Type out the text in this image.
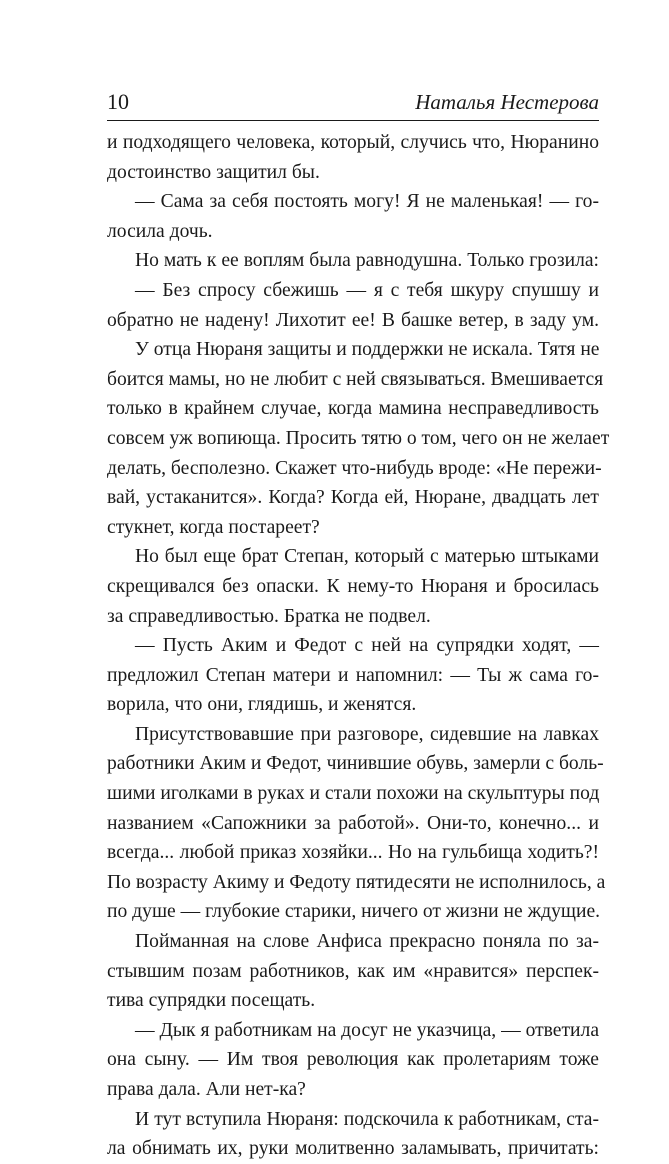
10	Наталья Нестерова
и подходящего человека, который, случись что, Нюранино
достоинство защитил бы.
— Сама за себя постоять могу! Я не маленькая! — го-
лосила дочь.
Но мать к ее воплям была равнодушна. Только грозила:
— Без спросу сбежишь — я с тебя шкуру спушшу и
обратно не надену! Лихотит ее! В башке ветер, в заду ум.
У отца Нюраня защиты и поддержки не искала. Тятя не
боится мамы, но не любит с ней связываться. Вмешивается
только в крайнем случае, когда мамина несправедливость
совсем уж вопиюща. Просить тятю о том, чего он не желает
делать, бесполезно. Скажет что-нибудь вроде: «Не пережи-
вай, устаканится». Когда? Когда ей, Нюране, двадцать лет
стукнет, когда постареет?
Но был еще брат Степан, который с матерью штыками
скрещивался без опаски. К нему-то Нюраня и бросилась
за справедливостью. Братка не подвел.
— Пусть Аким и Федот с ней на супрядки ходят, —
предложил Степан матери и напомнил: — Ты ж сама го-
ворила, что они, глядишь, и женятся.
Присутствовавшие при разговоре, сидевшие на лавках
работники Аким и Федот, чинившие обувь, замерли с боль-
шими иголками в руках и стали похожи на скульптуры под
названием «Сапожники за работой». Они-то, конечно... и
всегда... любой приказ хозяйки... Но на гульбища ходить?!
По возрасту Акиму и Федоту пятидесяти не исполнилось, а
по душе — глубокие старики, ничего от жизни не ждущие.
Пойманная на слове Анфиса прекрасно поняла по за-
стывшим позам работников, как им «нравится» перспек-
тива супрядки посещать.
— Дык я работникам на досуг не указчица, — ответила
она сыну. — Им твоя революция как пролетариям тоже
права дала. Али нет-ка?
И тут вступила Нюраня: подскочила к работникам, ста-
ла обнимать их, руки молитвенно заламывать, причитать:
